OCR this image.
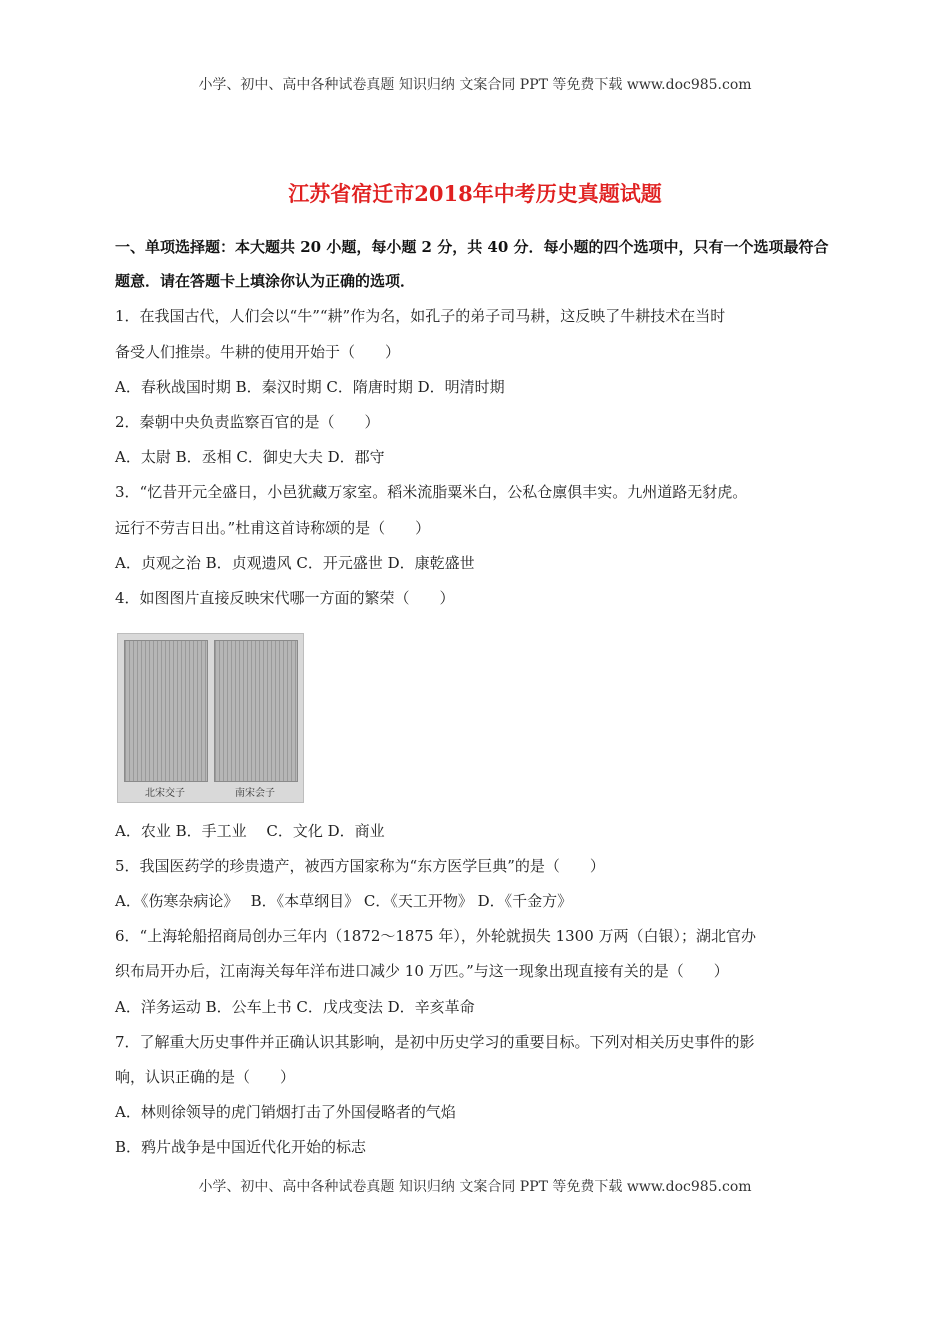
小学、初中、高中各种试卷真题 知识归纳 文案合同 PPT 等免费下载 www.doc985.com
江苏省宿迁市2018年中考历史真题试题
一、单项选择题：本大题共 20 小题，每小题 2 分，共 40 分．每小题的四个选项中，只有一个选项最符合题意．请在答题卡上填涂你认为正确的选项．
1．在我国古代，人们会以“牛”“耕”作为名，如孔子的弟子司马耕，这反映了牛耕技术在当时
备受人们推崇。牛耕的使用开始于（　　）
A．春秋战国时期 B．秦汉时期 C．隋唐时期 D．明清时期
2．秦朝中央负责监察百官的是（　　）
A．太尉 B．丞相 C．御史大夫 D．郡守
3．“忆昔开元全盛日，小邑犹藏万家室。稻米流脂粟米白，公私仓廪俱丰实。九州道路无豺虎。
远行不劳吉日出。”杜甫这首诗称颂的是（　　）
A．贞观之治 B．贞观遗风 C．开元盛世 D．康乾盛世
4．如图图片直接反映宋代哪一方面的繁荣（　　）
北宋交子	南宋会子
A．农业 B．手工业　 C．文化 D．商业
5．我国医药学的珍贵遗产，被西方国家称为“东方医学巨典”的是（　　）
A．《伤寒杂病论》　 B．《本草纲目》 C．《天工开物》 D．《千金方》
6．“上海轮船招商局创办三年内（1872～1875 年），外轮就损失 1300 万两（白银）；湖北官办
织布局开办后，江南海关每年洋布进口减少 10 万匹。”与这一现象出现直接有关的是（　　）
A．洋务运动 B．公车上书 C．戊戌变法 D．辛亥革命
7．了解重大历史事件并正确认识其影响，是初中历史学习的重要目标。下列对相关历史事件的影
响，认识正确的是（　　）
A．林则徐领导的虎门销烟打击了外国侵略者的气焰
B．鸦片战争是中国近代化开始的标志
小学、初中、高中各种试卷真题 知识归纳 文案合同 PPT 等免费下载 www.doc985.com
